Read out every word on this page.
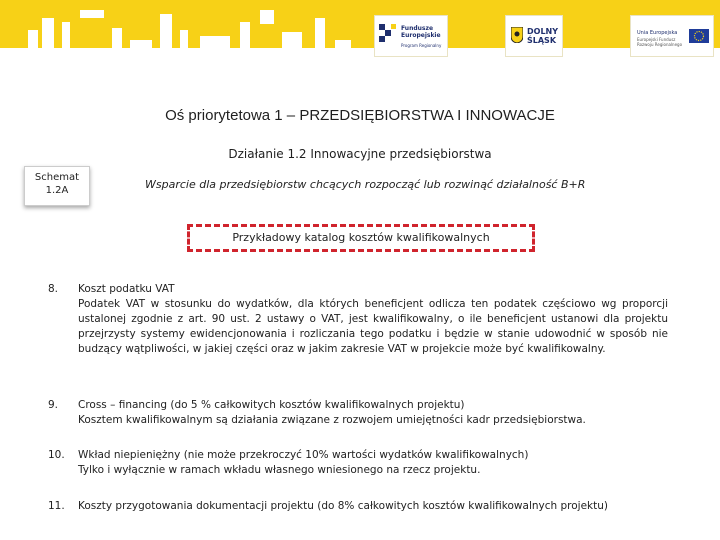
Fundusze Europejskie
Program Regionalny
DOLNY
ŚLĄSK
Unia Europejska
Europejski Fundusz Rozwoju Regionalnego
Oś priorytetowa 1 – PRZEDSIĘBIORSTWA I INNOWACJE
Działanie 1.2 Innowacyjne przedsiębiorstwa
Schemat
1.2A	Wsparcie dla przedsiębiorstw chcących rozpocząć lub rozwinąć działalność B+R
Przykładowy katalog kosztów kwalifikowalnych
8.	Koszt podatku VAT
Podatek VAT w stosunku do wydatków, dla których beneficjent odlicza ten podatek częściowo wg proporcji ustalonej zgodnie z art. 90 ust. 2 ustawy o VAT, jest kwalifikowalny, o ile beneficjent ustanowi dla projektu przejrzysty systemy ewidencjonowania i rozliczania tego podatku i będzie w stanie udowodnić w sposób nie budzący wątpliwości, w jakiej części oraz w jakim zakresie VAT w projekcie może być kwalifikowalny.
9.	Cross – financing (do 5 % całkowitych kosztów kwalifikowalnych projektu)
Kosztem kwalifikowalnym są działania związane z rozwojem umiejętności kadr przedsiębiorstwa.
10.	Wkład niepieniężny (nie może przekroczyć 10% wartości wydatków kwalifikowalnych)
Tylko i wyłącznie w ramach wkładu własnego wniesionego na rzecz projektu.
11.	Koszty przygotowania dokumentacji projektu (do 8% całkowitych kosztów kwalifikowalnych projektu)
